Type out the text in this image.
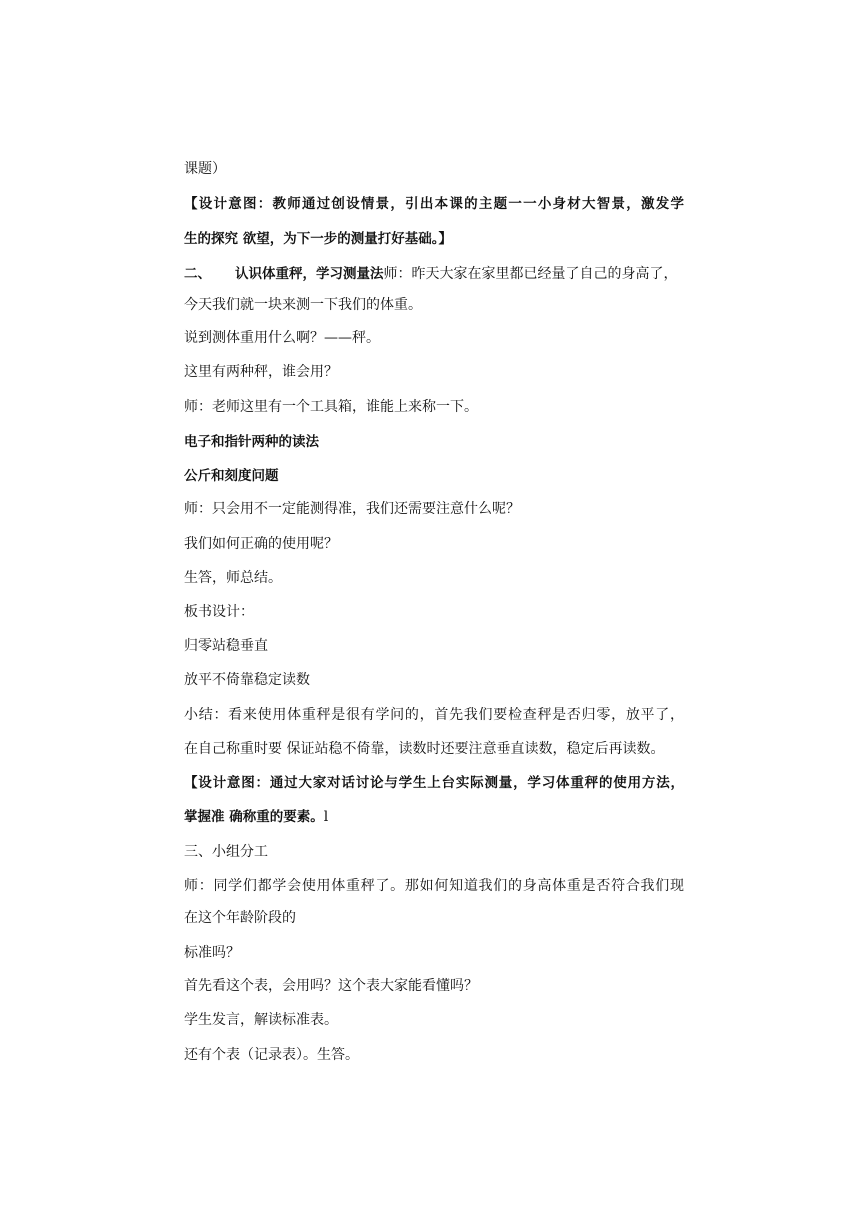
课题）
【设计意图：教师通过创设情景，引出本课的主题一一小身材大智景，激发学
生的探究 欲望，为下一步的测量打好基础。】
二、 认识体重秤，学习测量法师：昨天大家在家里都已经量了自己的身高了，
今天我们就一块来测一下我们的体重。
说到测体重用什么啊？——秤。
这里有两种秤，谁会用？
师：老师这里有一个工具箱，谁能上来称一下。
电子和指针两种的读法
公斤和刻度问题
师：只会用不一定能测得准，我们还需要注意什么呢？
我们如何正确的使用呢？
生答，师总结。
板书设计：
归零站稳垂直
放平不倚靠稳定读数
小结：看来使用体重秤是很有学问的，首先我们要检查秤是否归零，放平了，
在自己称重时要 保证站稳不倚靠，读数时还要注意垂直读数，稳定后再读数。
【设计意图：通过大家对话讨论与学生上台实际测量，学习体重秤的使用方法，
掌握准 确称重的要素。l
三、小组分工
师：同学们都学会使用体重秤了。那如何知道我们的身高体重是否符合我们现
在这个年龄阶段的
标准吗？
首先看这个表，会用吗？这个表大家能看懂吗？
学生发言，解读标准表。
还有个表（记录表）。生答。
